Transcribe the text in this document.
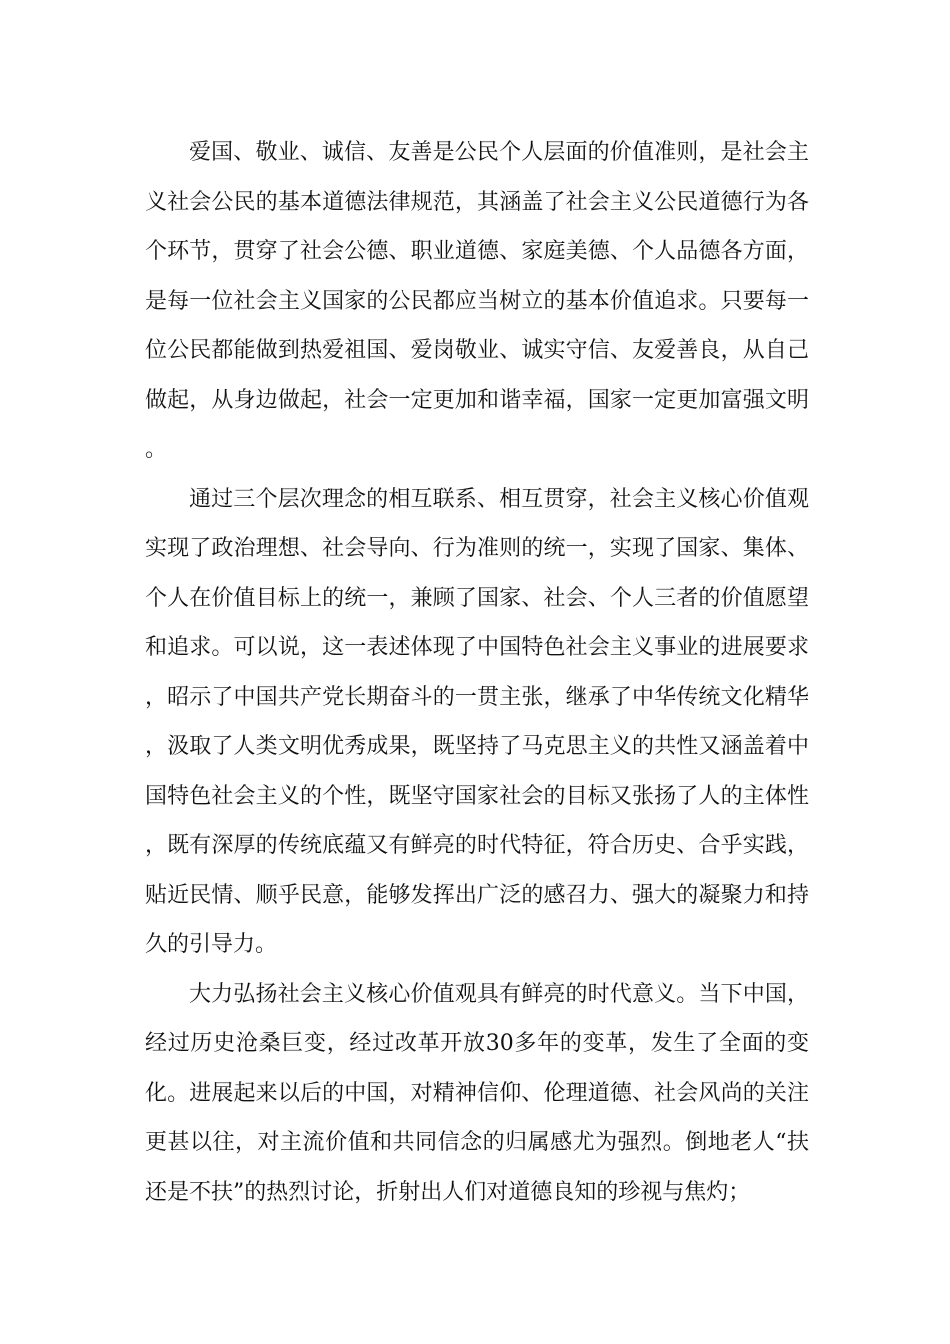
爱国、敬业、诚信、友善是公民个人层面的价值准则，是社会主义社会公民的基本道德法律规范，其涵盖了社会主义公民道德行为各个环节，贯穿了社会公德、职业道德、家庭美德、个人品德各方面，是每一位社会主义国家的公民都应当树立的基本价值追求。只要每一位公民都能做到热爱祖国、爱岗敬业、诚实守信、友爱善良，从自己做起，从身边做起，社会一定更加和谐幸福，国家一定更加富强文明。

通过三个层次理念的相互联系、相互贯穿，社会主义核心价值观实现了政治理想、社会导向、行为准则的统一，实现了国家、集体、个人在价值目标上的统一，兼顾了国家、社会、个人三者的价值愿望和追求。可以说，这一表述体现了中国特色社会主义事业的进展要求，昭示了中国共产党长期奋斗的一贯主张，继承了中华传统文化精华，汲取了人类文明优秀成果，既坚持了马克思主义的共性又涵盖着中国特色社会主义的个性，既坚守国家社会的目标又张扬了人的主体性，既有深厚的传统底蕴又有鲜亮的时代特征，符合历史、合乎实践，贴近民情、顺乎民意，能够发挥出广泛的感召力、强大的凝聚力和持久的引导力。

大力弘扬社会主义核心价值观具有鲜亮的时代意义。当下中国，经过历史沧桑巨变，经过改革开放30多年的变革，发生了全面的变化。进展起来以后的中国，对精神信仰、伦理道德、社会风尚的关注更甚以往，对主流价值和共同信念的归属感尤为强烈。倒地老人“扶还是不扶”的热烈讨论，折射出人们对道德良知的珍视与焦灼；
